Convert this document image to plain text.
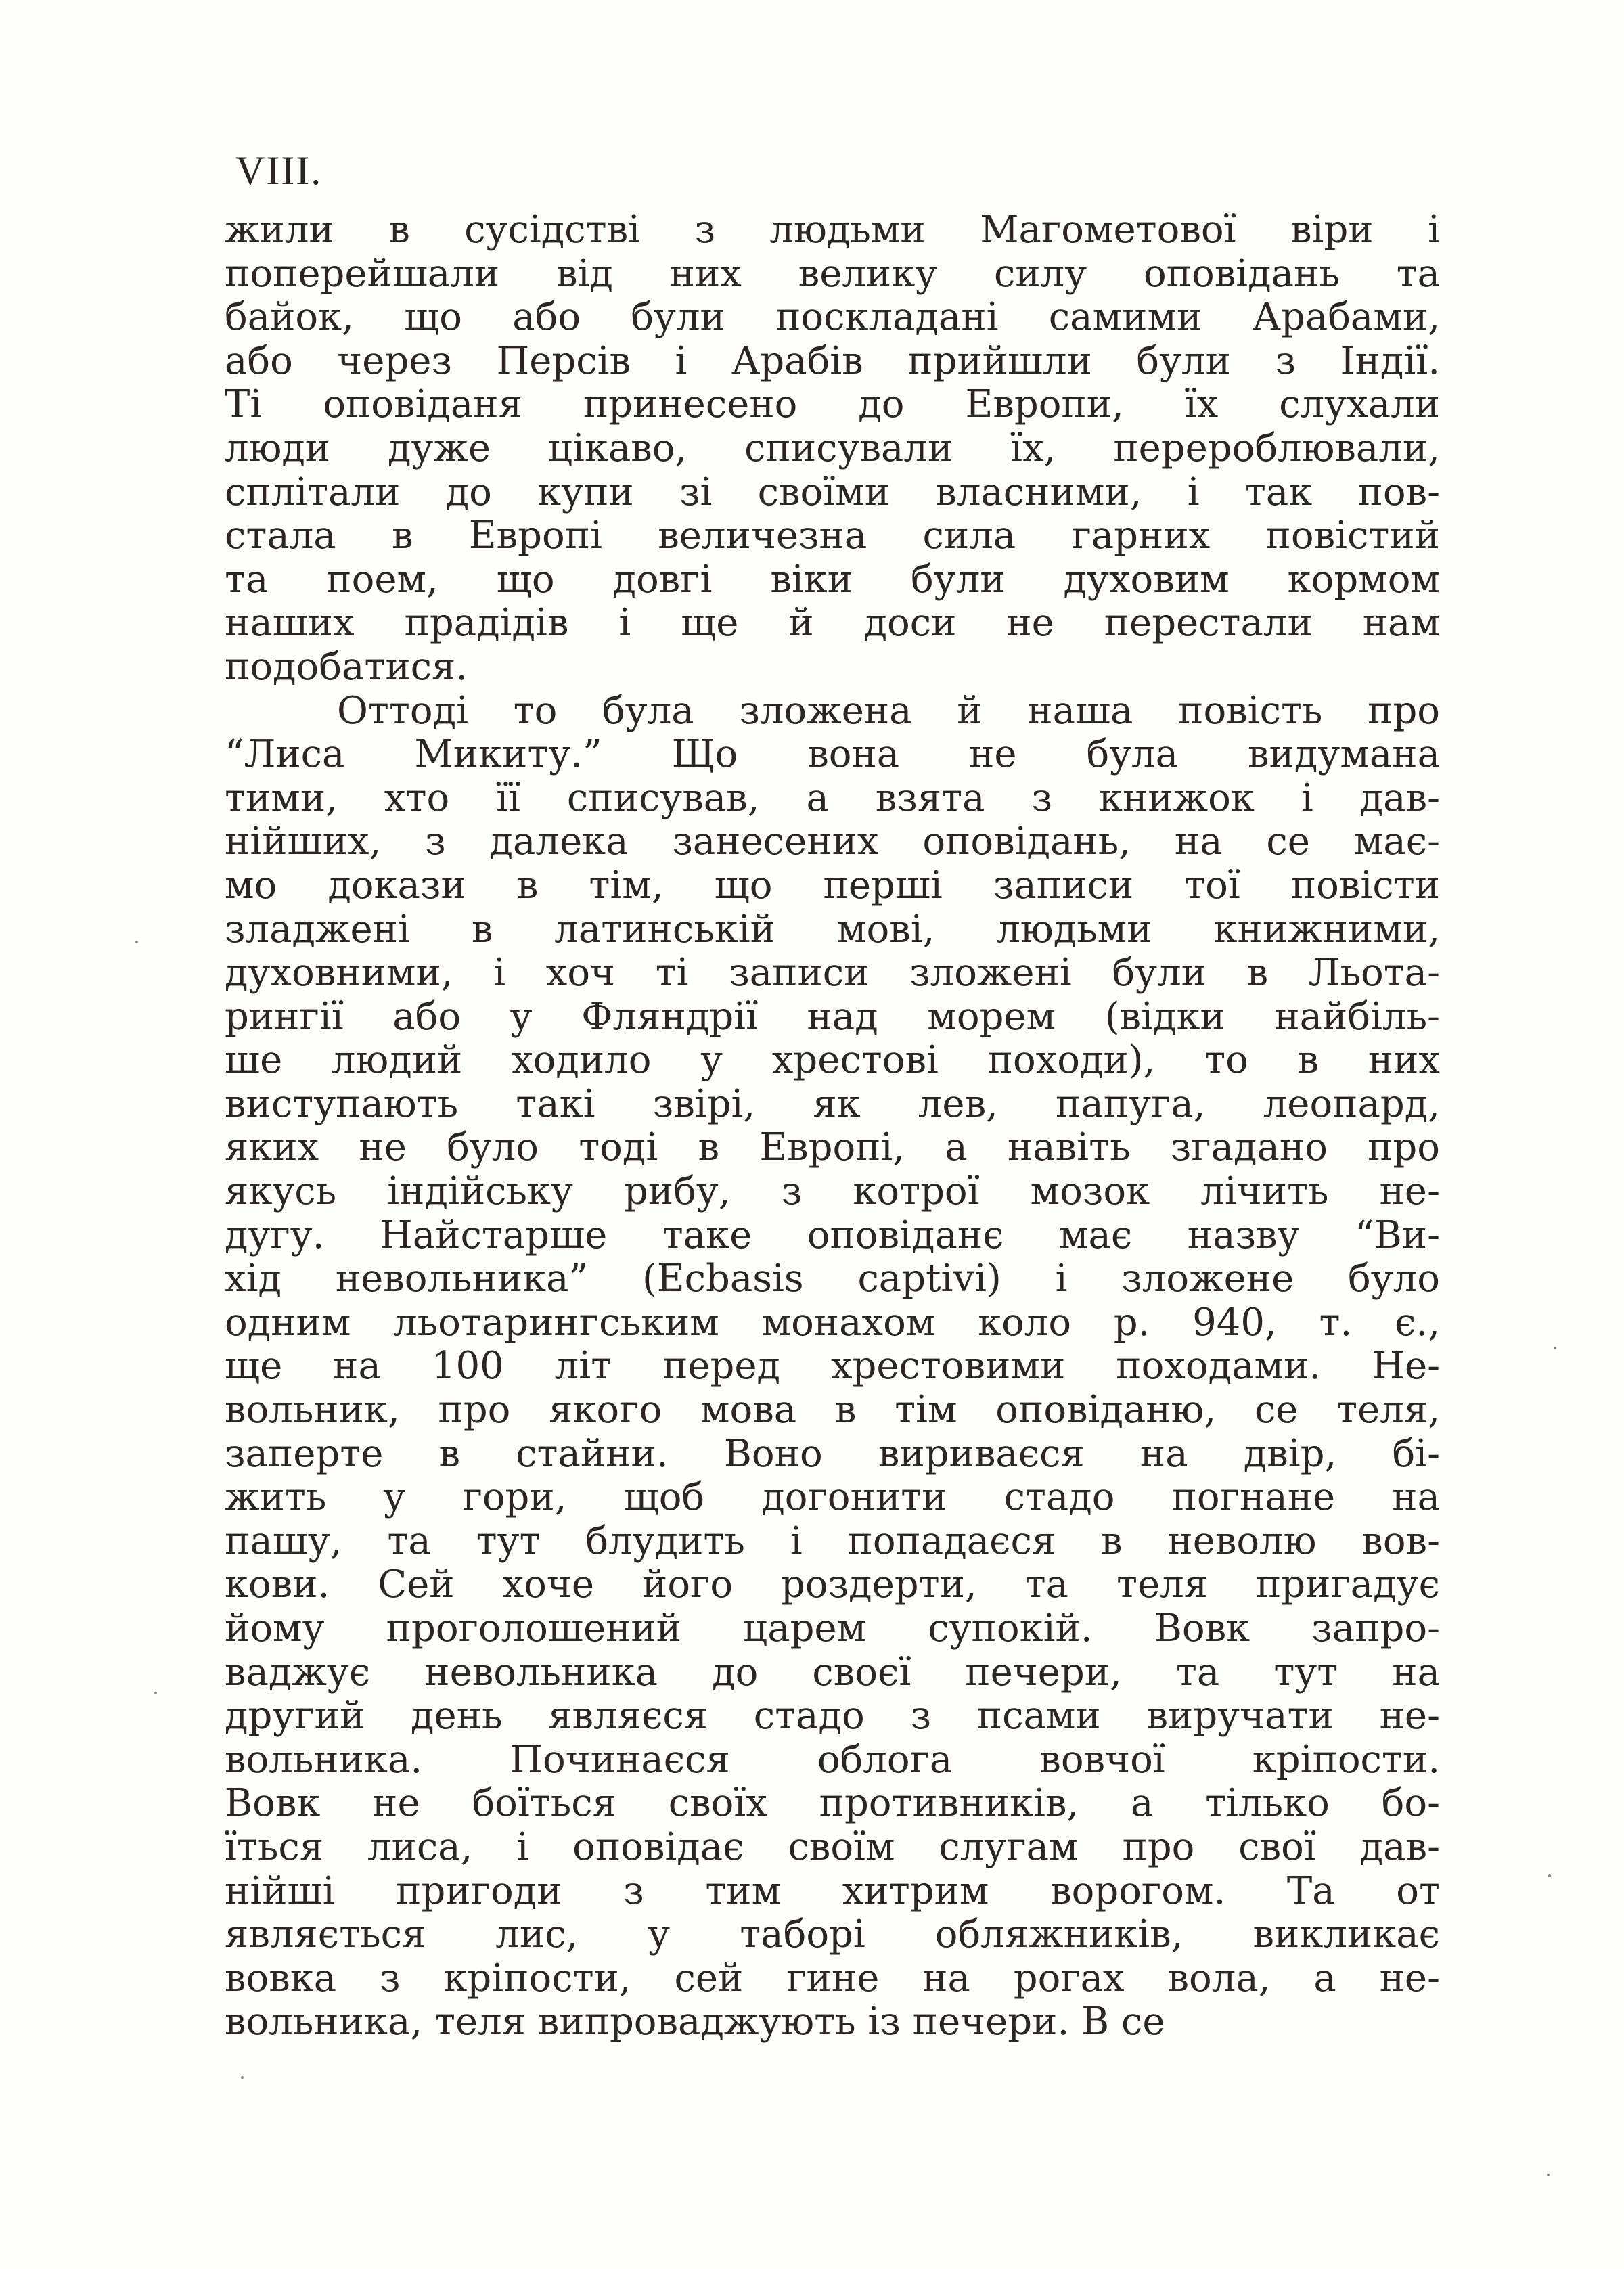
VIII.
жили в сусідстві з людьми Магометової віри і
поперейшали від них велику силу оповідань та
байок, що або були поскладані самими Арабами,
або через Персів і Арабів прийшли були з Індії.
Ті оповіданя принесено до Европи, їх слухали
люди дуже цікаво, списували їх, перероблювали,
сплітали до купи зі своїми власними, і так пов-
стала в Европі величезна сила гарних повістий
та поем, що довгі віки були духовим кормом
наших прадідів і ще й доси не перестали нам
подобатися.
Оттоді то була зложена й наша повість про
“Лиса Микиту.” Що вона не була видумана
тими, хто її списував, а взята з книжок і дав-
нійших, з далека занесених оповідань, на се має-
мо докази в тім, що перші записи тої повісти
зладжені в латинській мові, людьми книжними,
духовними, і хоч ті записи зложені були в Льота-
рингії або у Фляндрії над морем (відки найбіль-
ше людий ходило у хрестові походи), то в них
виступають такі звірі, як лев, папуга, леопард,
яких не було тоді в Европі, а навіть згадано про
якусь індійську рибу, з котрої мозок лічить не-
дугу. Найстарше таке оповіданє має назву “Ви-
хід невольника” (Ecbasis captivi) і зложене було
одним льотарингським монахом коло р. 940, т. є.,
ще на 100 літ перед хрестовими походами. Не-
вольник, про якого мова в тім оповіданю, се теля,
заперте в стайни. Воно вириваєся на двір, бі-
жить у гори, щоб догонити стадо погнане на
пашу, та тут блудить і попадаєся в неволю вов-
кови. Сей хоче його роздерти, та теля пригадує
йому проголошений царем супокій. Вовк запро-
ваджує невольника до своєї печери, та тут на
другий день являєся стадо з псами виручати не-
вольника. Починаєся облога вовчої кріпости.
Вовк не боїться своїх противників, а тілько бо-
їться лиса, і оповідає своїм слугам про свої дав-
нійші пригоди з тим хитрим ворогом. Та от
являється лис, у таборі обляжників, викликає
вовка з кріпости, сей гине на рогах вола, а не-
вольника, теля випроваджують із печери. В се
